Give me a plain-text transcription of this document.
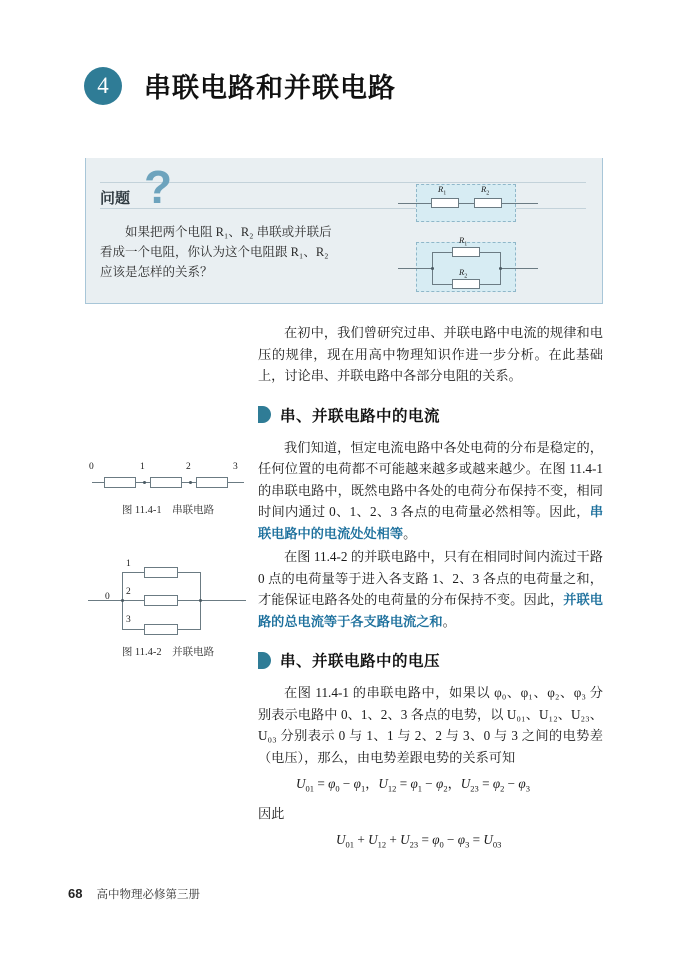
4	串联电路和并联电路
问题 ?
如果把两个电阻 R₁、R₂ 串联或并联后
看成一个电阻，你认为这个电阻跟 R₁、R₂
应该是怎样的关系？
$R_1$	$R_2$
$R_1$
$R_2$
0	1	2	3
图 11.4-1　串联电路
0
1
2
3
图 11.4-2　并联电路

在初中，我们曾研究过串、并联电路中电流的规律和电压的规律，现在用高中物理知识作进一步分析。在此基础上，讨论串、并联电路中各部分电阻的关系。

串、并联电路中的电流

我们知道，恒定电流电路中各处电荷的分布是稳定的，任何位置的电荷都不可能越来越多或越来越少。在图 11.4-1 的串联电路中，既然电路中各处的电荷分布保持不变，相同时间内通过 0、1、2、3 各点的电荷量必然相等。因此，串联电路中的电流处处相等。

在图 11.4-2 的并联电路中，只有在相同时间内流过干路 0 点的电荷量等于进入各支路 1、2、3 各点的电荷量之和，才能保证电路各处的电荷量的分布保持不变。因此，并联电路的总电流等于各支路电流之和。

串、并联电路中的电压

在图 11.4-1 的串联电路中，如果以 φ₀、φ₁、φ₂、φ₃ 分别表示电路中 0、1、2、3 各点的电势，以 U₀₁、U₁₂、U₂₃、U₀₃ 分别表示 0 与 1、1 与 2、2 与 3、0 与 3 之间的电势差（电压），那么，由电势差跟电势的关系可知

$U_{01} = \varphi_0 - \varphi_1$，$U_{12} = \varphi_1 - \varphi_2$，$U_{23} = \varphi_2 - \varphi_3$
因此
$U_{01} + U_{12} + U_{23} = \varphi_0 - \varphi_3 = U_{03}$
68 高中物理必修第三册
